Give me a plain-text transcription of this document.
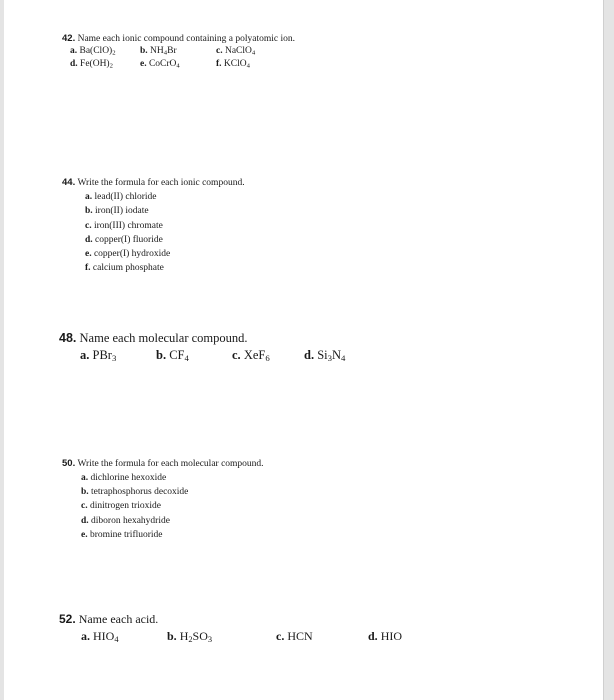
42. Name each ionic compound containing a polyatomic ion.
a. $Ba(ClO)_2$	b. $NH_4Br$	c. NaClO$_4$
d. $Fe(OH)_2$	e. CoCrO$_4$	f. KClO$_4$
44. Write the formula for each ionic compound.
a. lead(II) chloride
b. iron(II) iodate
c. iron(III) chromate
d. copper(I) fluoride
e. copper(I) hydroxide
f. calcium phosphate
48. Name each molecular compound.
a. PBr$_3$	b. $CF_4$	c. XeF$_6$	d. $Si_3N_4$
50. Write the formula for each molecular compound.
a. dichlorine hexoxide
b. tetraphosphorus decoxide
c. dinitrogen trioxide
d. diboron hexahydride
e. bromine trifluoride
52. Name each acid.
a. $HIO_4$	b. $H_2SO_3$	c. HCN	d. HIO
